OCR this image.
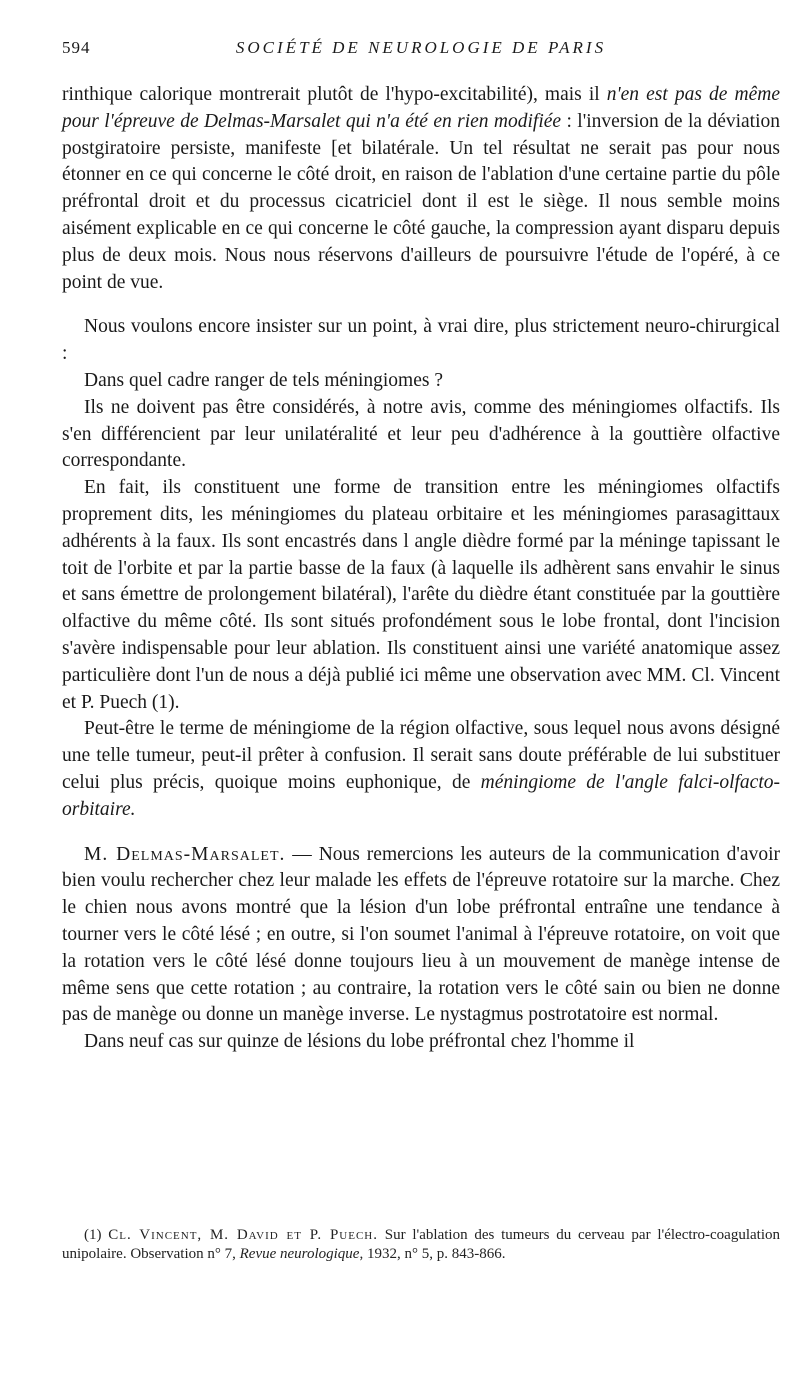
594	SOCIÉTÉ DE NEUROLOGIE DE PARIS

rinthique calorique montrerait plutôt de l'hypo-excitabilité), mais il n'en est pas de même pour l'épreuve de Delmas-Marsalet qui n'a été en rien modifiée : l'inversion de la déviation postgiratoire persiste, manifeste [et bilatérale. Un tel résultat ne serait pas pour nous étonner en ce qui concerne le côté droit, en raison de l'ablation d'une certaine partie du pôle préfrontal droit et du processus cicatriciel dont il est le siège. Il nous semble moins aisément explicable en ce qui concerne le côté gauche, la compression ayant disparu depuis plus de deux mois. Nous nous réservons d'ailleurs de poursuivre l'étude de l'opéré, à ce point de vue.

Nous voulons encore insister sur un point, à vrai dire, plus strictement neuro-chirurgical :

Dans quel cadre ranger de tels méningiomes ?

Ils ne doivent pas être considérés, à notre avis, comme des méningiomes olfactifs. Ils s'en différencient par leur unilatéralité et leur peu d'adhérence à la gouttière olfactive correspondante.

En fait, ils constituent une forme de transition entre les méningiomes olfactifs proprement dits, les méningiomes du plateau orbitaire et les méningiomes parasagittaux adhérents à la faux. Ils sont encastrés dans l angle dièdre formé par la méninge tapissant le toit de l'orbite et par la partie basse de la faux (à laquelle ils adhèrent sans envahir le sinus et sans émettre de prolongement bilatéral), l'arête du dièdre étant constituée par la gouttière olfactive du même côté. Ils sont situés profondément sous le lobe frontal, dont l'incision s'avère indispensable pour leur ablation. Ils constituent ainsi une variété anatomique assez particulière dont l'un de nous a déjà publié ici même une observation avec MM. Cl. Vincent et P. Puech (1).

Peut-être le terme de méningiome de la région olfactive, sous lequel nous avons désigné une telle tumeur, peut-il prêter à confusion. Il serait sans doute préférable de lui substituer celui plus précis, quoique moins euphonique, de méningiome de l'angle falci-olfacto-orbitaire.

M. Delmas-Marsalet. — Nous remercions les auteurs de la communication d'avoir bien voulu rechercher chez leur malade les effets de l'épreuve rotatoire sur la marche. Chez le chien nous avons montré que la lésion d'un lobe préfrontal entraîne une tendance à tourner vers le côté lésé ; en outre, si l'on soumet l'animal à l'épreuve rotatoire, on voit que la rotation vers le côté lésé donne toujours lieu à un mouvement de manège intense de même sens que cette rotation ; au contraire, la rotation vers le côté sain ou bien ne donne pas de manège ou donne un manège inverse. Le nystagmus postrotatoire est normal.

Dans neuf cas sur quinze de lésions du lobe préfrontal chez l'homme il

(1) Cl. Vincent, M. David et P. Puech. Sur l'ablation des tumeurs du cerveau par l'électro-coagulation unipolaire. Observation n° 7, Revue neurologique, 1932, n° 5, p. 843-866.
